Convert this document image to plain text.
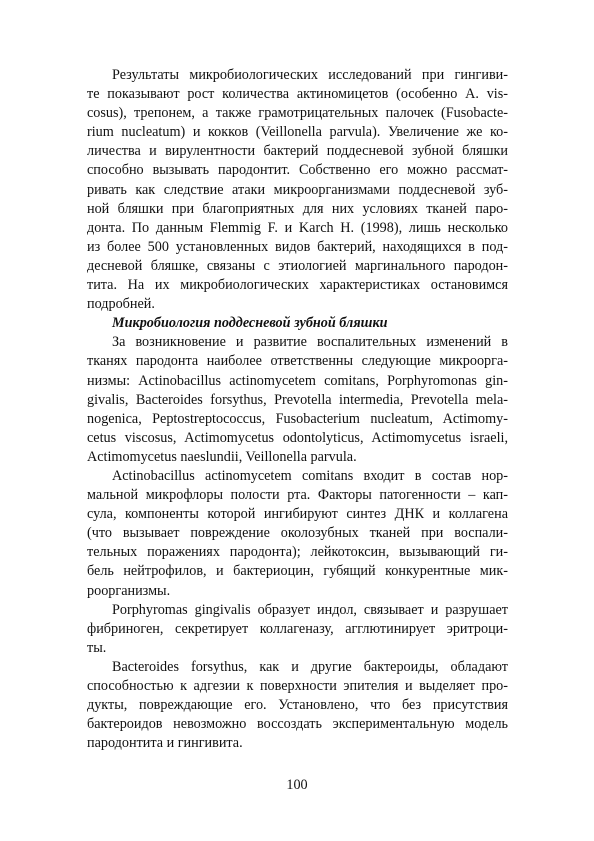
Результаты микробиологических исследований при гингиви-
те показывают рост количества актиномицетов (особенно A. vis-
cosus), трепонем, а также грамотрицательных палочек (Fusobacte-
rium nucleatum) и кокков (Veillonella parvula). Увеличение же ко-
личества и вирулентности бактерий поддесневой зубной бляшки
способно вызывать пародонтит. Собственно его можно рассмат-
ривать как следствие атаки микроорганизмами поддесневой зуб-
ной бляшки при благоприятных для них условиях тканей паро-
донта. По данным Flemmig F. и Karch H. (1998), лишь несколько
из более 500 установленных видов бактерий, находящихся в под-
десневой бляшке, связаны с этиологией маргинального пародон-
тита. На их микробиологических характеристиках остановимся
подробней.
Микробиология поддесневой зубной бляшки
За возникновение и развитие воспалительных изменений в
тканях пародонта наиболее ответственны следующие микроорга-
низмы: Actinobacillus actinomycetem comitans, Porphyromonas gin-
givalis, Bacteroides forsythus, Prevotella intermedia, Prevotella mela-
nogenica, Peptostreptococcus, Fusobacterium nucleatum, Actimomy-
cetus viscosus, Actimomycetus odontolyticus, Actimomycetus israeli,
Actimomycetus naeslundii, Veillonella parvula.
Actinobacillus actinomycetem comitans входит в состав нор-
мальной микрофлоры полости рта. Факторы патогенности – кап-
сула, компоненты которой ингибируют синтез ДНК и коллагена
(что вызывает повреждение околозубных тканей при воспали-
тельных поражениях пародонта); лейкотоксин, вызывающий ги-
бель нейтрофилов, и бактериоцин, губящий конкурентные мик-
роорганизмы.
Porphyromas gingivalis образует индол, связывает и разрушает
фибриноген, секретирует коллагеназу, агглютинирует эритроци-
ты.
Bacteroides forsythus, как и другие бактероиды, обладают
способностью к адгезии к поверхности эпителия и выделяет про-
дукты, повреждающие его. Установлено, что без присутствия
бактероидов невозможно воссоздать экспериментальную модель
пародонтита и гингивита.
100
